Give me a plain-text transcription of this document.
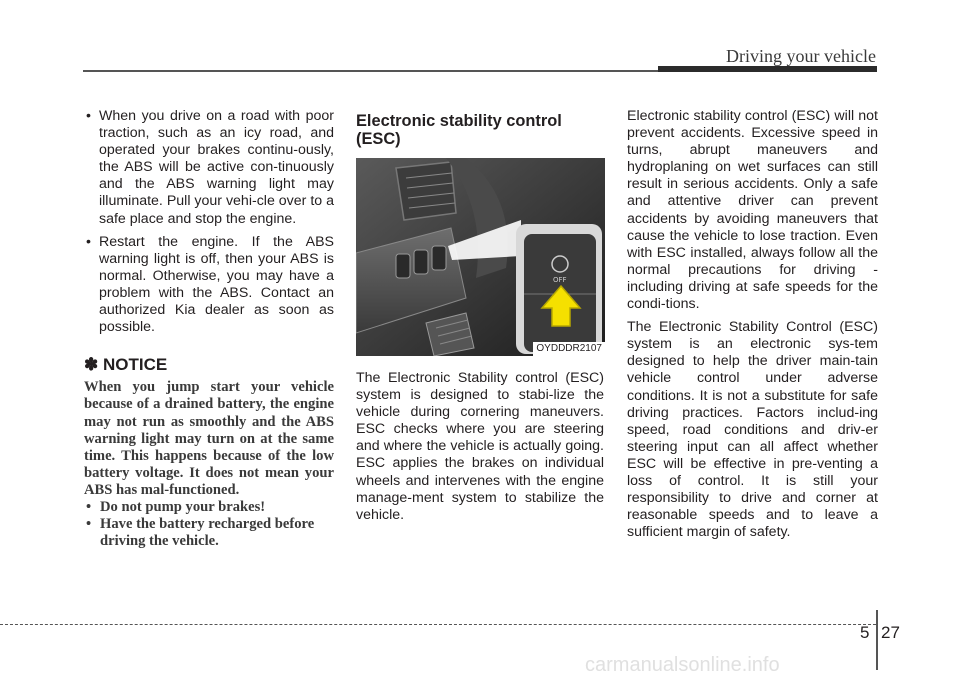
Driving your vehicle
• When you drive on a road with poor traction, such as an icy road, and operated your brakes continu-ously, the ABS will be active con-tinuously and the ABS warning light may illuminate. Pull your vehi-cle over to a safe place and stop the engine.
• Restart the engine. If the ABS warning light is off, then your ABS is normal. Otherwise, you may have a problem with the ABS. Contact an authorized Kia dealer as soon as possible.
✽ NOTICE

When you jump start your vehicle because of a drained battery, the engine may not run as smoothly and the ABS warning light may turn on at the same time. This happens because of the low battery voltage. It does not mean your ABS has mal-functioned.

• Do not pump your brakes!
• Have the battery recharged before driving the vehicle.
Electronic stability control (ESC)
OFF
OYDDDR2107

The Electronic Stability control (ESC) system is designed to stabi-lize the vehicle during cornering maneuvers. ESC checks where you are steering and where the vehicle is actually going. ESC applies the brakes on individual wheels and intervenes with the engine manage-ment system to stabilize the vehicle.

Electronic stability control (ESC) will not prevent accidents. Excessive speed in turns, abrupt maneuvers and hydroplaning on wet surfaces can still result in serious accidents. Only a safe and attentive driver can prevent accidents by avoiding maneuvers that cause the vehicle to lose traction. Even with ESC installed, always follow all the normal precautions for driving - including driving at safe speeds for the condi-tions.

The Electronic Stability Control (ESC) system is an electronic sys-tem designed to help the driver main-tain vehicle control under adverse conditions. It is not a substitute for safe driving practices. Factors includ-ing speed, road conditions and driv-er steering input can all affect whether ESC will be effective in pre-venting a loss of control. It is still your responsibility to drive and corner at reasonable speeds and to leave a sufficient margin of safety.

5 27
carmanualsonline.info
